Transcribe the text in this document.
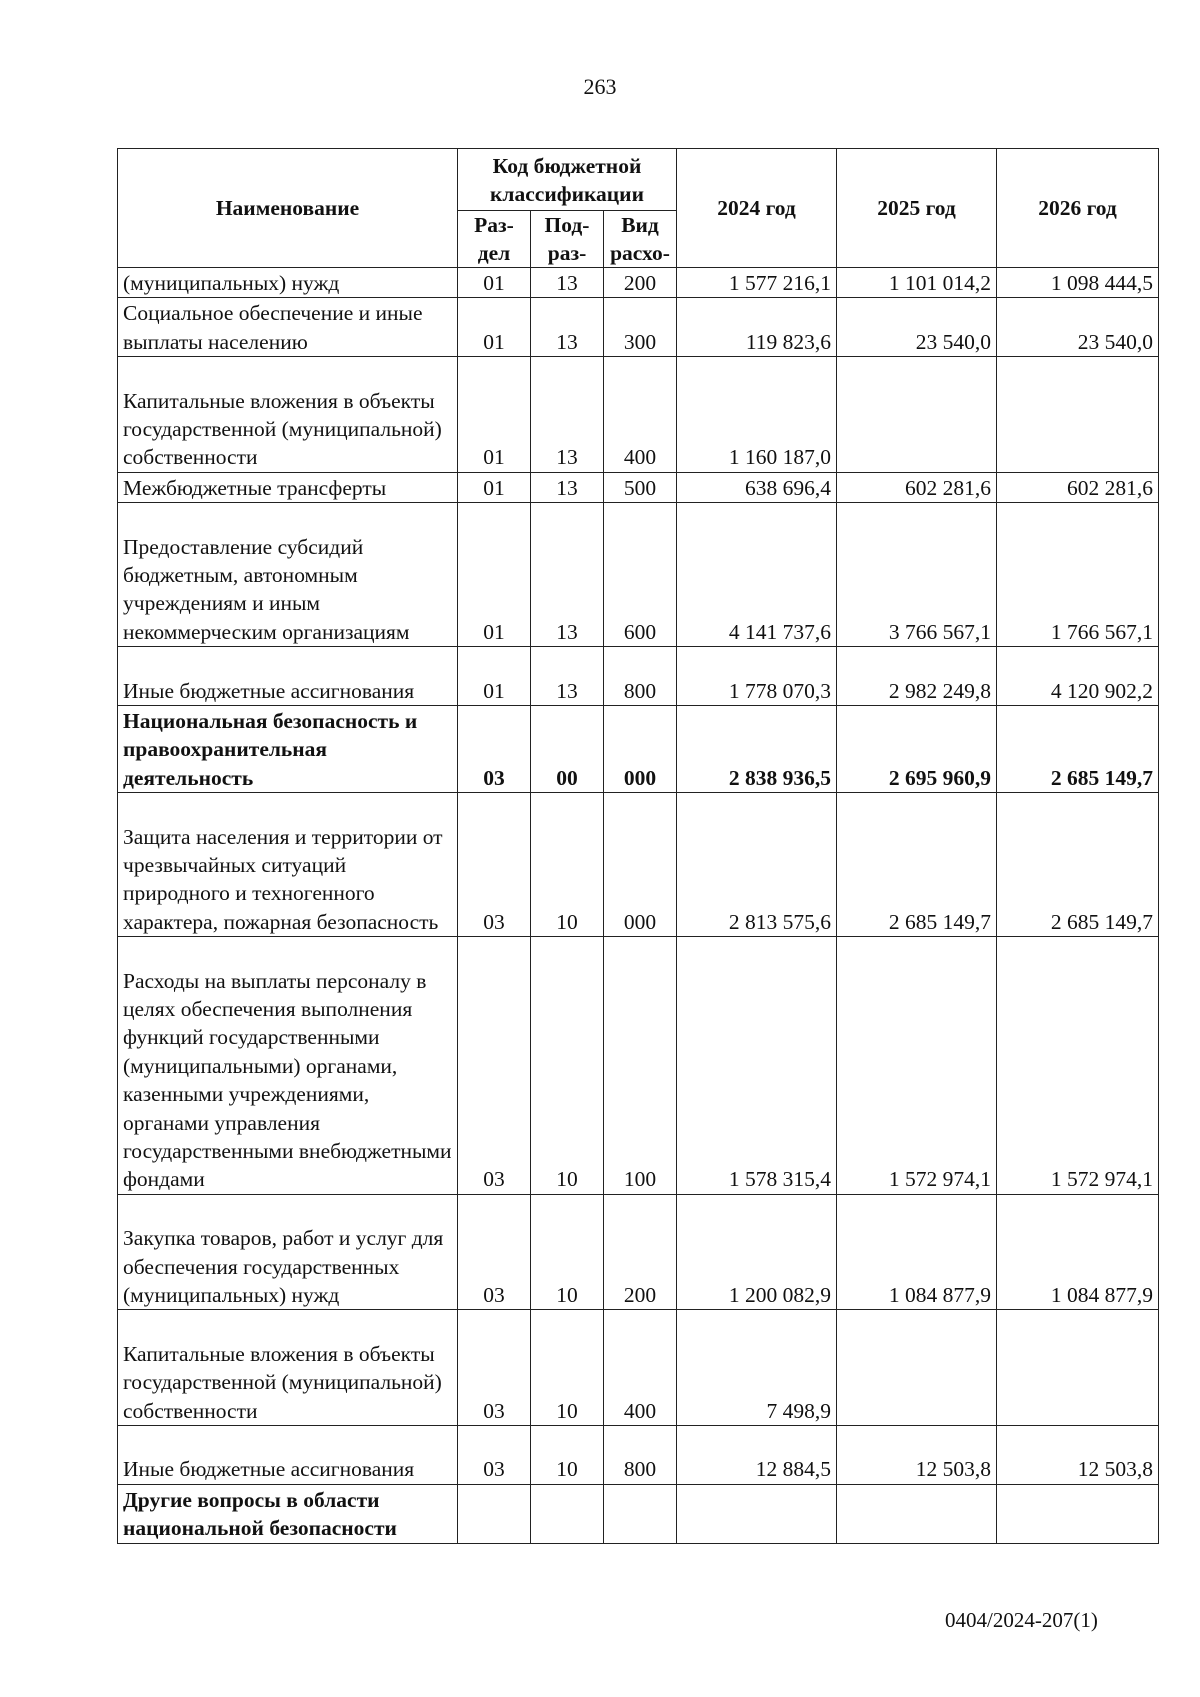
263
Наименование	Код бюджетной классификации			2024 год	2025 год	2026 год
	Раз-дел	Под-раз-	Вид расхо-			
(муниципальных) нужд	01	13	200	1 577 216,1	1 101 014,2	1 098 444,5
Социальное обеспечение и иные выплаты населению	01	13	300	119 823,6	23 540,0	23 540,0
Капитальные вложения в объекты государственной (муниципальной) собственности	01	13	400	1 160 187,0		
Межбюджетные трансферты	01	13	500	638 696,4	602 281,6	602 281,6
Предоставление субсидий бюджетным, автономным учреждениям и иным некоммерческим организациям	01	13	600	4 141 737,6	3 766 567,1	1 766 567,1
Иные бюджетные ассигнования	01	13	800	1 778 070,3	2 982 249,8	4 120 902,2
Национальная безопасность и правоохранительная деятельность	03	00	000	2 838 936,5	2 695 960,9	2 685 149,7
Защита населения и территории от чрезвычайных ситуаций природного и техногенного характера, пожарная безопасность	03	10	000	2 813 575,6	2 685 149,7	2 685 149,7
Расходы на выплаты персоналу в целях обеспечения выполнения функций государственными (муниципальными) органами, казенными учреждениями, органами управления государственными внебюджетными фондами	03	10	100	1 578 315,4	1 572 974,1	1 572 974,1
Закупка товаров, работ и услуг для обеспечения государственных (муниципальных) нужд	03	10	200	1 200 082,9	1 084 877,9	1 084 877,9
Капитальные вложения в объекты государственной (муниципальной) собственности	03	10	400	7 498,9		
Иные бюджетные ассигнования	03	10	800	12 884,5	12 503,8	12 503,8
Другие вопросы в области национальной безопасности						
0404/2024-207(1)
